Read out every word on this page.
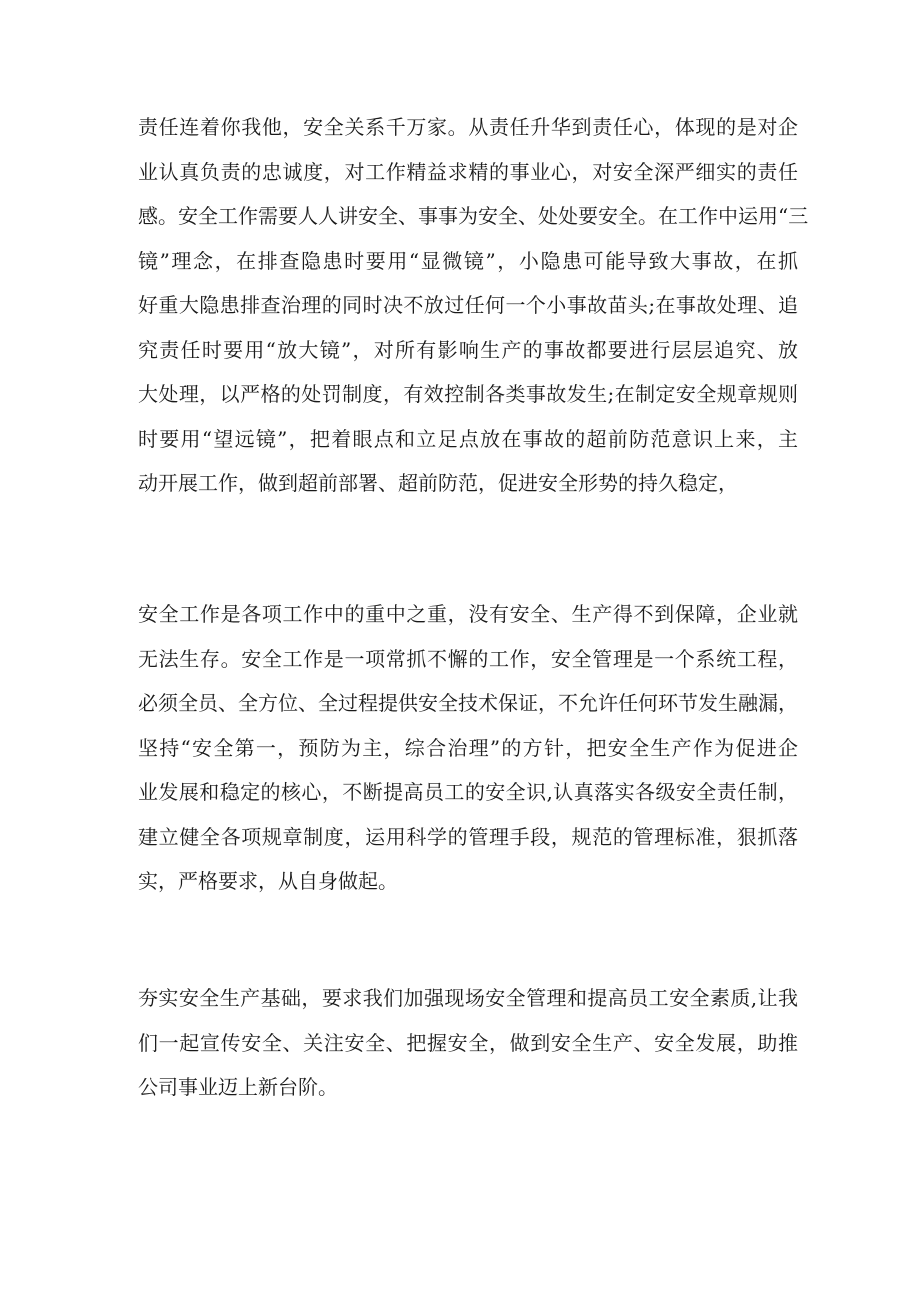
责任连着你我他，安全关系千万家。从责任升华到责任心，体现的是对企
业认真负责的忠诚度，对工作精益求精的事业心，对安全深严细实的责任
感。安全工作需要人人讲安全、事事为安全、处处要安全。在工作中运用“三
镜”理念，在排查隐患时要用“显微镜”，小隐患可能导致大事故，在抓
好重大隐患排查治理的同时决不放过任何一个小事故苗头;在事故处理、追
究责任时要用“放大镜”，对所有影响生产的事故都要进行层层追究、放
大处理，以严格的处罚制度，有效控制各类事故发生;在制定安全规章规则
时要用“望远镜”，把着眼点和立足点放在事故的超前防范意识上来，主
动开展工作，做到超前部署、超前防范，促进安全形势的持久稳定，
安全工作是各项工作中的重中之重，没有安全、生产得不到保障，企业就
无法生存。安全工作是一项常抓不懈的工作，安全管理是一个系统工程，
必须全员、全方位、全过程提供安全技术保证，不允许任何环节发生融漏，
坚持“安全第一，预防为主，综合治理”的方针，把安全生产作为促进企
业发展和稳定的核心，不断提高员工的安全识,认真落实各级安全责任制，
建立健全各项规章制度，运用科学的管理手段，规范的管理标准，狠抓落
实，严格要求，从自身做起。
夯实安全生产基础，要求我们加强现场安全管理和提高员工安全素质,让我
们一起宣传安全、关注安全、把握安全，做到安全生产、安全发展，助推
公司事业迈上新台阶。
